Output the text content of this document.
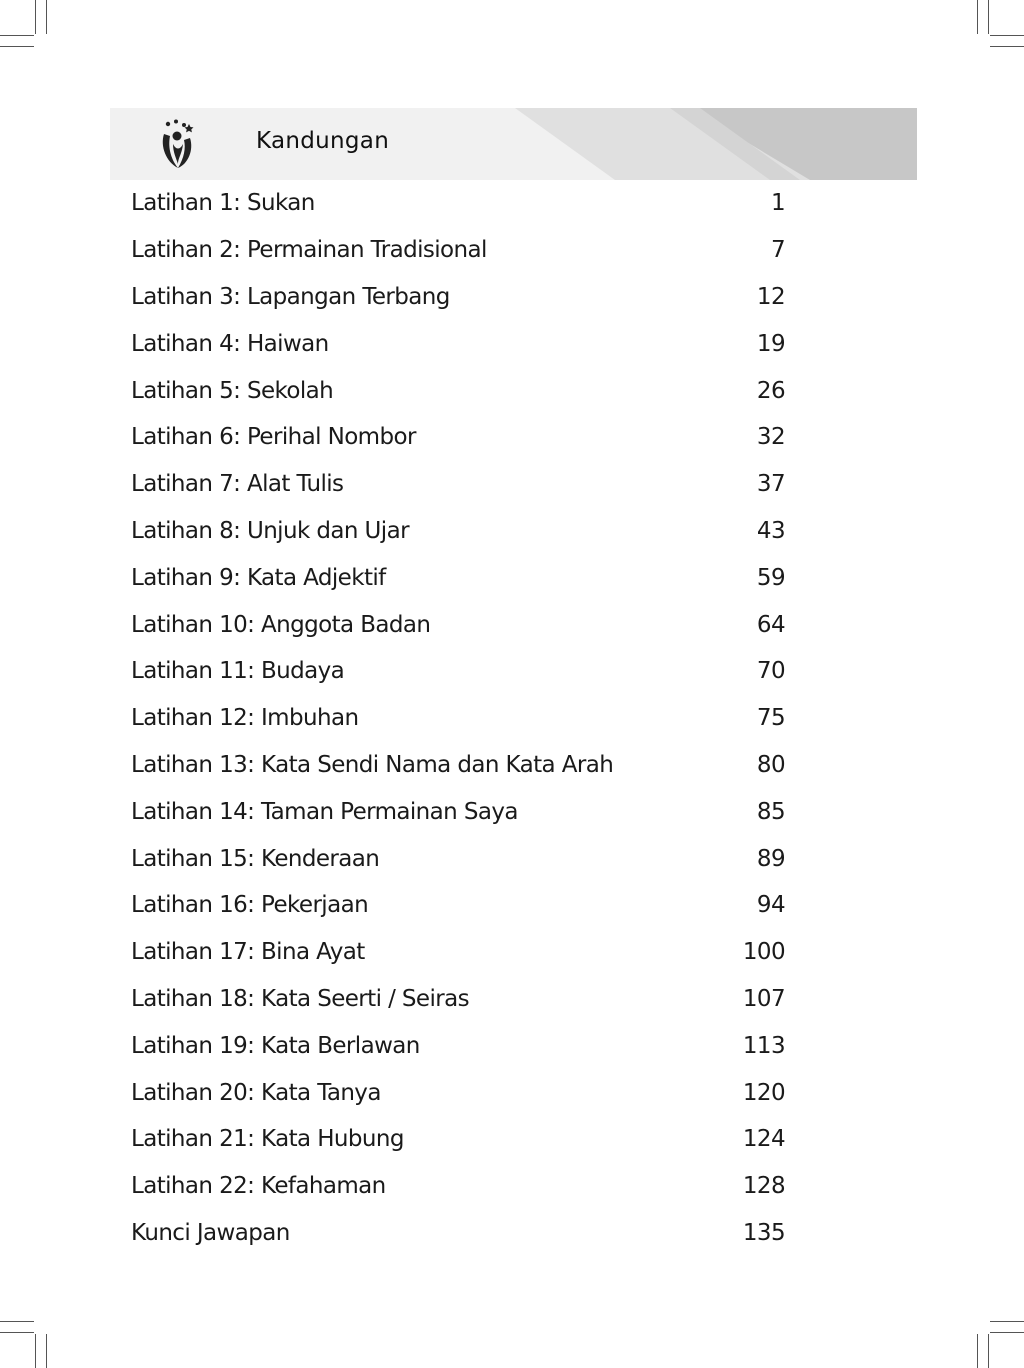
Kandungan
Latihan 1: Sukan	1
Latihan 2: Permainan Tradisional	7
Latihan 3: Lapangan Terbang	12
Latihan 4: Haiwan	19
Latihan 5: Sekolah	26
Latihan 6: Perihal Nombor	32
Latihan 7: Alat Tulis	37
Latihan 8: Unjuk dan Ujar	43
Latihan 9: Kata Adjektif	59
Latihan 10: Anggota Badan	64
Latihan 11: Budaya	70
Latihan 12: Imbuhan	75
Latihan 13: Kata Sendi Nama dan Kata Arah	80
Latihan 14: Taman Permainan Saya	85
Latihan 15: Kenderaan	89
Latihan 16: Pekerjaan	94
Latihan 17: Bina Ayat	100
Latihan 18: Kata Seerti / Seiras	107
Latihan 19: Kata Berlawan	113
Latihan 20: Kata Tanya	120
Latihan 21: Kata Hubung	124
Latihan 22: Kefahaman	128
Kunci Jawapan	135
